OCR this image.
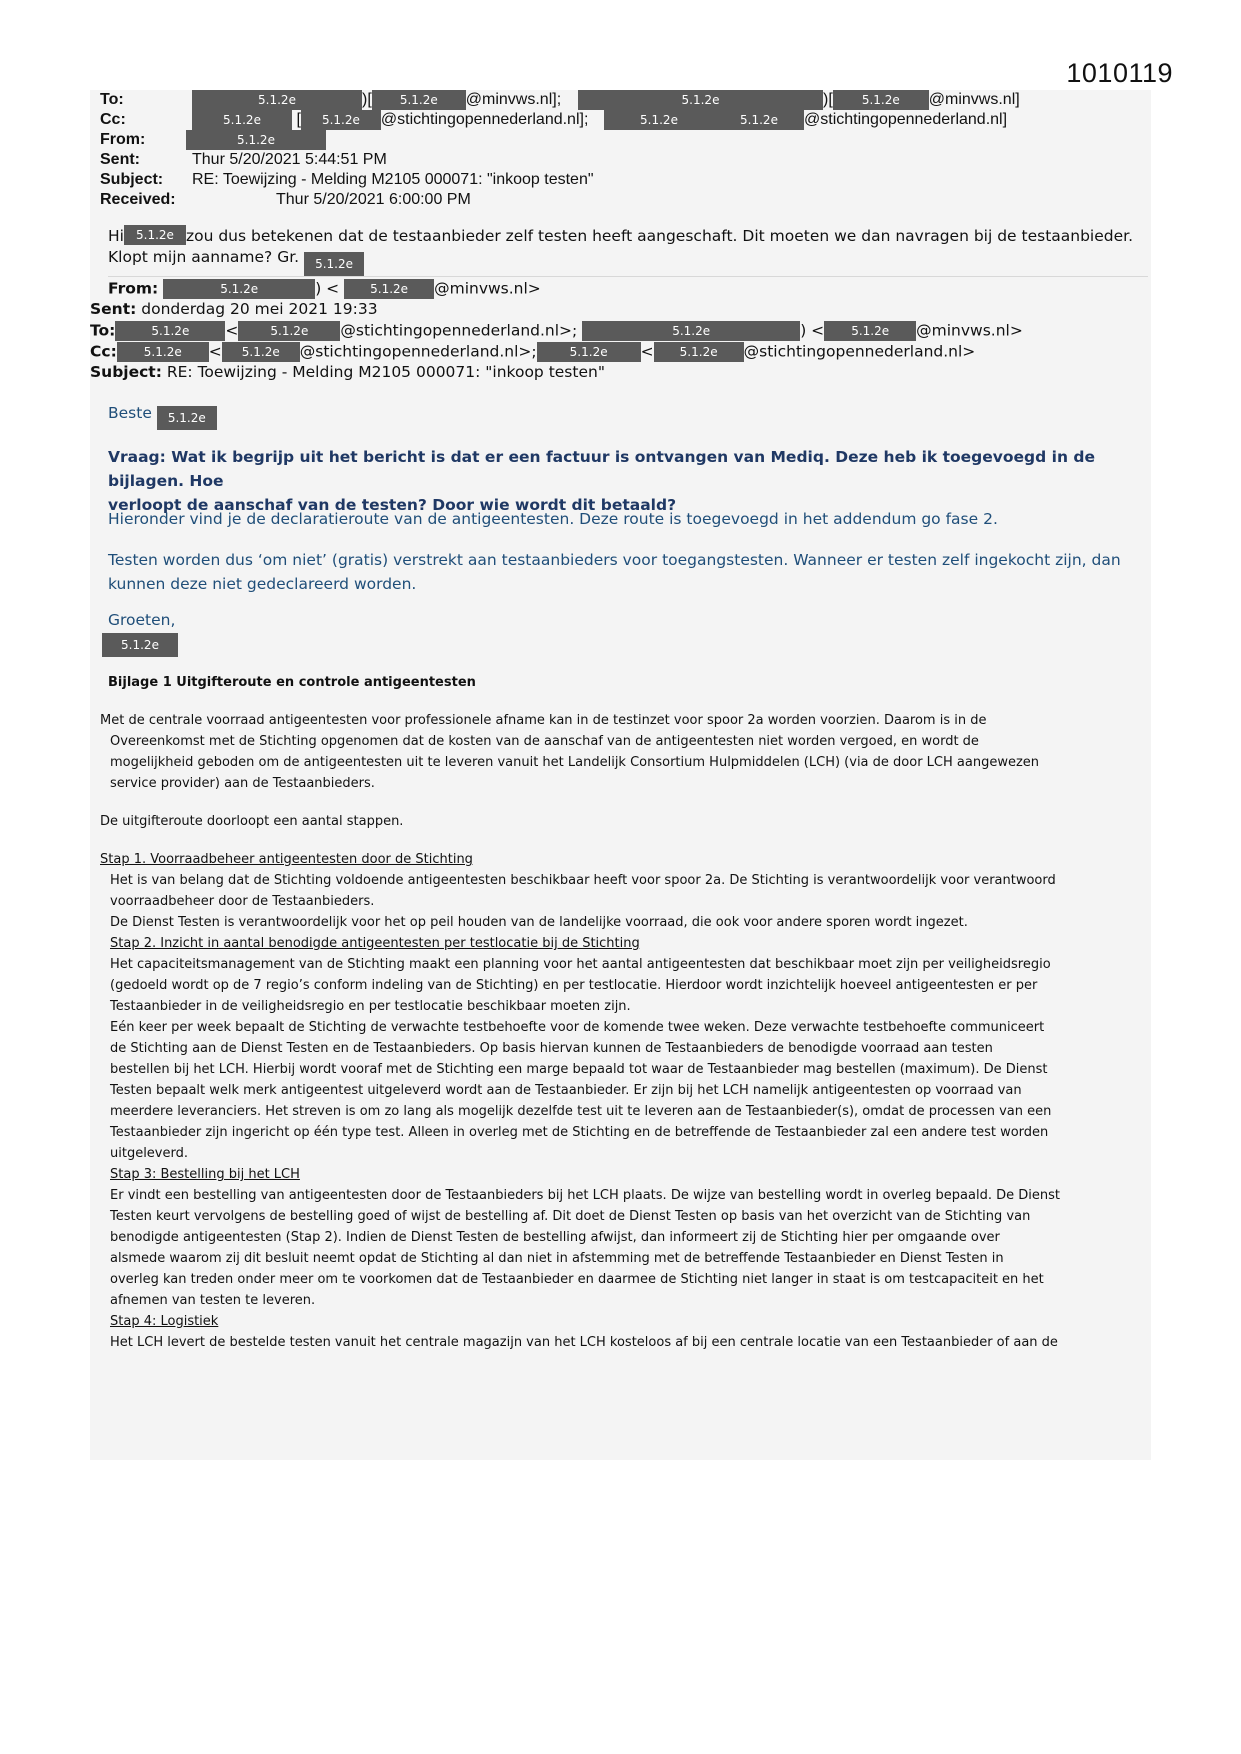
1010119
To:	5.1.2e	)[ 5.1.2e @minvws.nl];	5.1.2e	)[ 5.1.2e @minvws.nl]
Cc:	5.1.2e [ 5.1.2e @stichtingopennederland.nl];	5.1.2e	5.1.2e @stichtingopennederland.nl]
From:	5.1.2e
Sent:	Thur 5/20/2021 5:44:51 PM
Subject: RE: Toewijzing - Melding M2105 000071: "inkoop testen"
Received:	Thur 5/20/2021 6:00:00 PM
Hi 5.1.2e zou dus betekenen dat de testaanbieder zelf testen heeft aangeschaft. Dit moeten we dan navragen bij de testaanbieder.
Klopt mijn aanname? Gr. 5.1.2e
From:	5.1.2e	) <	5.1.2e @minvws.nl>
Sent: donderdag 20 mei 2021 19:33
To:	5.1.2e <	5.1.2e @stichtingopennederland.nl>;	5.1.2e	) < 5.1.2e @minvws.nl>
Cc: 5.1.2e < 5.1.2e @stichtingopennederland.nl>;	5.1.2e < 5.1.2e @stichtingopennederland.nl>
Subject: RE: Toewijzing - Melding M2105 000071: "inkoop testen"
Beste 5.1.2e
Vraag: Wat ik begrijp uit het bericht is dat er een factuur is ontvangen van Mediq. Deze heb ik toegevoegd in de bijlagen. Hoe
verloopt de aanschaf van de testen? Door wie wordt dit betaald?
Hieronder vind je de declaratieroute van de antigeentesten. Deze route is toegevoegd in het addendum go fase 2.
Testen worden dus ‘om niet’ (gratis) verstrekt aan testaanbieders voor toegangstesten. Wanneer er testen zelf ingekocht zijn, dan
kunnen deze niet gedeclareerd worden.
Groeten,
5.1.2e
Bijlage 1 Uitgifteroute en controle antigeentesten

Met de centrale voorraad antigeentesten voor professionele afname kan in de testinzet voor spoor 2a worden voorzien. Daarom is in de

Overeenkomst met de Stichting opgenomen dat de kosten van de aanschaf van de antigeentesten niet worden vergoed, en wordt de

mogelijkheid geboden om de antigeentesten uit te leveren vanuit het Landelijk Consortium Hulpmiddelen (LCH) (via de door LCH aangewezen

service provider) aan de Testaanbieders.

De uitgifteroute doorloopt een aantal stappen.

Stap 1. Voorraadbeheer antigeentesten door de Stichting

Het is van belang dat de Stichting voldoende antigeentesten beschikbaar heeft voor spoor 2a. De Stichting is verantwoordelijk voor verantwoord

voorraadbeheer door de Testaanbieders.

De Dienst Testen is verantwoordelijk voor het op peil houden van de landelijke voorraad, die ook voor andere sporen wordt ingezet.

Stap 2. Inzicht in aantal benodigde antigeentesten per testlocatie bij de Stichting

Het capaciteitsmanagement van de Stichting maakt een planning voor het aantal antigeentesten dat beschikbaar moet zijn per veiligheidsregio

(gedoeld wordt op de 7 regio’s conform indeling van de Stichting) en per testlocatie. Hierdoor wordt inzichtelijk hoeveel antigeentesten er per

Testaanbieder in de veiligheidsregio en per testlocatie beschikbaar moeten zijn.

Eén keer per week bepaalt de Stichting de verwachte testbehoefte voor de komende twee weken. Deze verwachte testbehoefte communiceert

de Stichting aan de Dienst Testen en de Testaanbieders. Op basis hiervan kunnen de Testaanbieders de benodigde voorraad aan testen

bestellen bij het LCH. Hierbij wordt vooraf met de Stichting een marge bepaald tot waar de Testaanbieder mag bestellen (maximum). De Dienst

Testen bepaalt welk merk antigeentest uitgeleverd wordt aan de Testaanbieder. Er zijn bij het LCH namelijk antigeentesten op voorraad van

meerdere leveranciers. Het streven is om zo lang als mogelijk dezelfde test uit te leveren aan de Testaanbieder(s), omdat de processen van een

Testaanbieder zijn ingericht op één type test. Alleen in overleg met de Stichting en de betreffende de Testaanbieder zal een andere test worden

uitgeleverd.

Stap 3: Bestelling bij het LCH

Er vindt een bestelling van antigeentesten door de Testaanbieders bij het LCH plaats. De wijze van bestelling wordt in overleg bepaald. De Dienst

Testen keurt vervolgens de bestelling goed of wijst de bestelling af. Dit doet de Dienst Testen op basis van het overzicht van de Stichting van

benodigde antigeentesten (Stap 2). Indien de Dienst Testen de bestelling afwijst, dan informeert zij de Stichting hier per omgaande over

alsmede waarom zij dit besluit neemt opdat de Stichting al dan niet in afstemming met de betreffende Testaanbieder en Dienst Testen in

overleg kan treden onder meer om te voorkomen dat de Testaanbieder en daarmee de Stichting niet langer in staat is om testcapaciteit en het

afnemen van testen te leveren.

Stap 4: Logistiek

Het LCH levert de bestelde testen vanuit het centrale magazijn van het LCH kosteloos af bij een centrale locatie van een Testaanbieder of aan de
